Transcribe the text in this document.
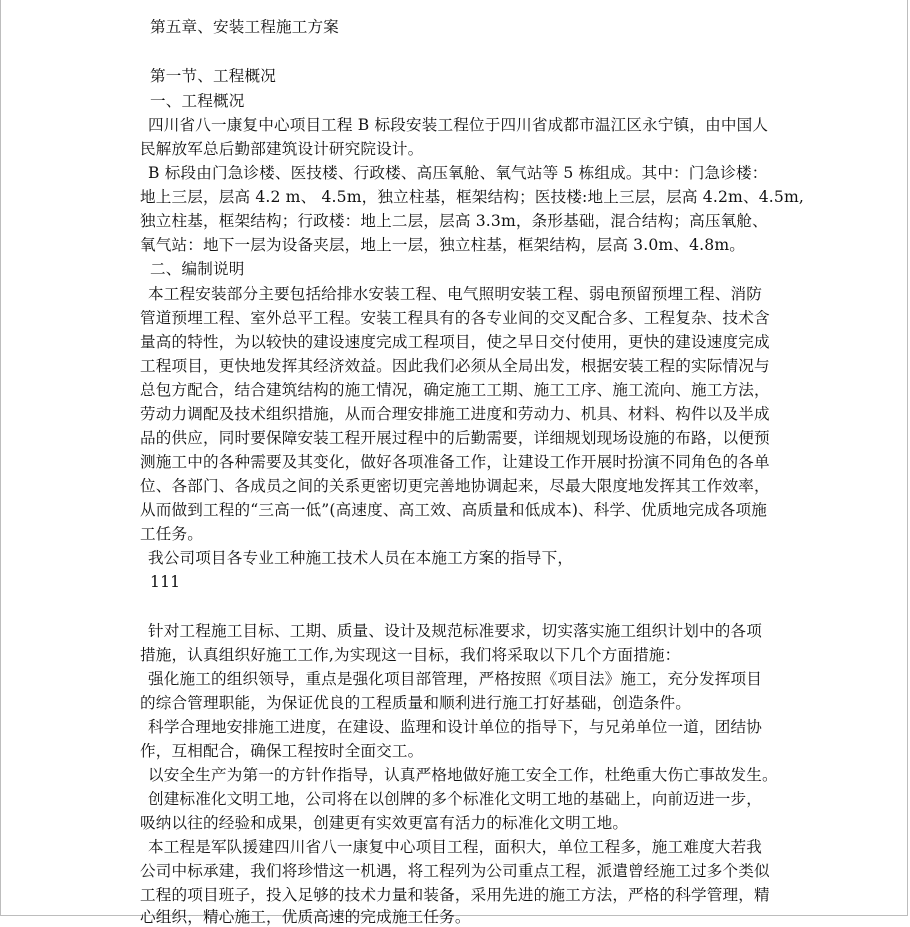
第五章、安装工程施工方案
第一节、工程概况
一、工程概况
四川省八一康复中心项目工程 B 标段安装工程位于四川省成都市温江区永宁镇，由中国人
民解放军总后勤部建筑设计研究院设计。
B 标段由门急诊楼、医技楼、行政楼、高压氧舱、氧气站等 5 栋组成。其中：门急诊楼：
地上三层，层高 4.2 m、 4.5m，独立柱基，框架结构；医技楼:地上三层，层高 4.2m、4.5m,
独立柱基，框架结构；行政楼：地上二层，层高 3.3m，条形基础，混合结构；高压氧舱、
氧气站：地下一层为设备夹层，地上一层，独立柱基，框架结构，层高 3.0m、4.8m。
二、编制说明
本工程安装部分主要包括给排水安装工程、电气照明安装工程、弱电预留预埋工程、消防
管道预埋工程、室外总平工程。安装工程具有的各专业间的交叉配合多、工程复杂、技术含
量高的特性，为以较快的建设速度完成工程项目，使之早日交付使用，更快的建设速度完成
工程项目，更快地发挥其经济效益。因此我们必须从全局出发，根据安装工程的实际情况与
总包方配合，结合建筑结构的施工情况，确定施工工期、施工工序、施工流向、施工方法，
劳动力调配及技术组织措施，从而合理安排施工进度和劳动力、机具、材料、构件以及半成
品的供应，同时要保障安装工程开展过程中的后勤需要，详细规划现场设施的布路，以便预
测施工中的各种需要及其变化，做好各项准备工作，让建设工作开展时扮演不同角色的各单
位、各部门、各成员之间的关系更密切更完善地协调起来，尽最大限度地发挥其工作效率，
从而做到工程的“三高一低”(高速度、高工效、高质量和低成本)、科学、优质地完成各项施
工任务。
我公司项目各专业工种施工技术人员在本施工方案的指导下，
111
针对工程施工目标、工期、质量、设计及规范标准要求，切实落实施工组织计划中的各项
措施，认真组织好施工工作,为实现这一目标，我们将采取以下几个方面措施：
强化施工的组织领导，重点是强化项目部管理，严格按照《项目法》施工，充分发挥项目
的综合管理职能，为保证优良的工程质量和顺利进行施工打好基础，创造条件。
科学合理地安排施工进度，在建设、监理和设计单位的指导下，与兄弟单位一道，团结协
作，互相配合，确保工程按时全面交工。
以安全生产为第一的方针作指导，认真严格地做好施工安全工作，杜绝重大伤亡事故发生。
创建标准化文明工地，公司将在以创牌的多个标准化文明工地的基础上，向前迈进一步，
吸纳以往的经验和成果，创建更有实效更富有活力的标准化文明工地。
本工程是军队援建四川省八一康复中心项目工程，面积大，单位工程多，施工难度大若我
公司中标承建，我们将珍惜这一机遇，将工程列为公司重点工程，派遣曾经施工过多个类似
工程的项目班子，投入足够的技术力量和装备，采用先进的施工方法，严格的科学管理，精
心组织，精心施工，优质高速的完成施工任务。
